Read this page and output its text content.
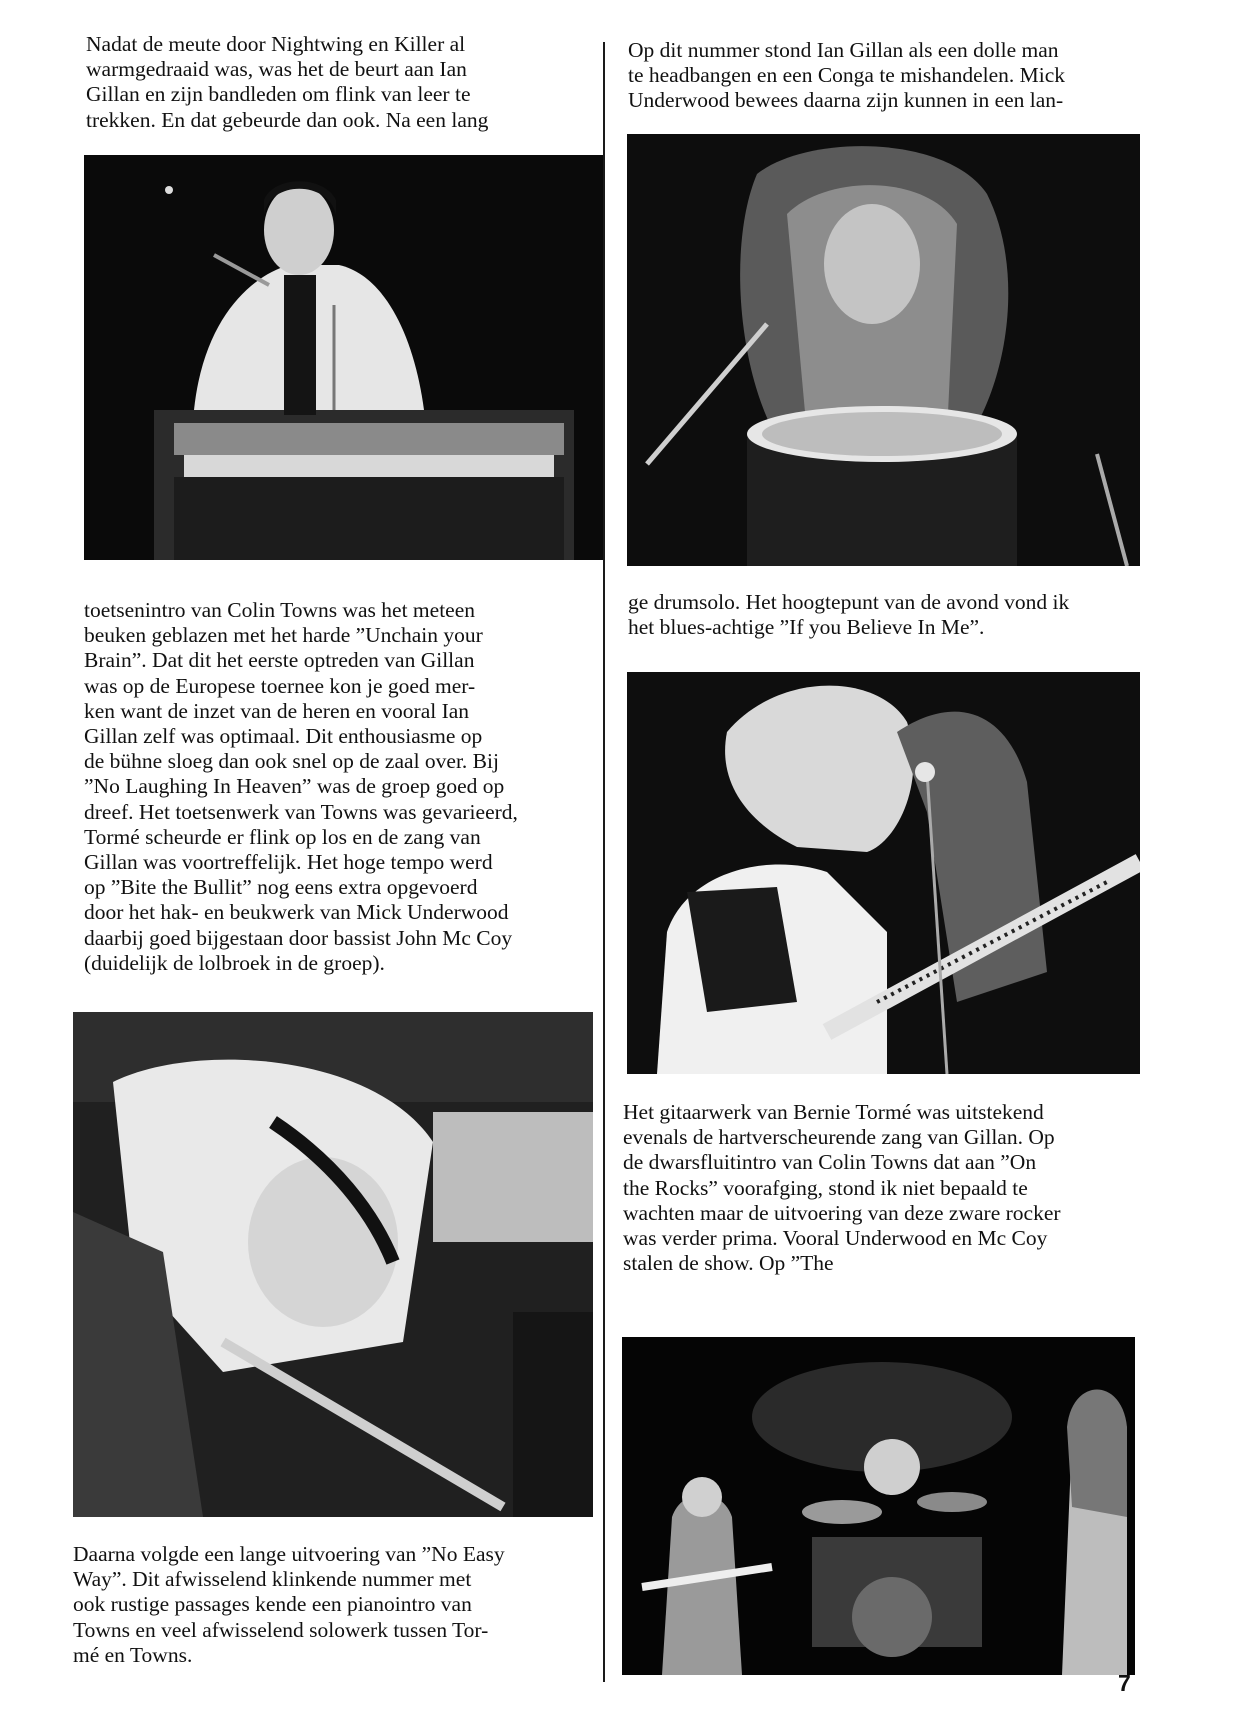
Nadat de meute door Nightwing en Killer al
warmgedraaid was, was het de beurt aan Ian
Gillan en zijn bandleden om flink van leer te
trekken. En dat gebeurde dan ook. Na een lang

toetsenintro van Colin Towns was het meteen
beuken geblazen met het harde ”Unchain your
Brain”. Dat dit het eerste optreden van Gillan
was op de Europese toernee kon je goed mer-
ken want de inzet van de heren en vooral Ian
Gillan zelf was optimaal. Dit enthousiasme op
de bühne sloeg dan ook snel op de zaal over. Bij
”No Laughing In Heaven” was de groep goed op
dreef. Het toetsenwerk van Towns was gevarieerd,
Tormé scheurde er flink op los en de zang van
Gillan was voortreffelijk. Het hoge tempo werd
op ”Bite the Bullit” nog eens extra opgevoerd
door het hak- en beukwerk van Mick Underwood
daarbij goed bijgestaan door bassist John Mc Coy
(duidelijk de lolbroek in de groep).

Daarna volgde een lange uitvoering van ”No Easy
Way”. Dit afwisselend klinkende nummer met
ook rustige passages kende een pianointro van
Towns en veel afwisselend solowerk tussen Tor-
mé en Towns.

Op dit nummer stond Ian Gillan als een dolle man
te headbangen en een Conga te mishandelen. Mick
Underwood bewees daarna zijn kunnen in een lan-

ge drumsolo. Het hoogtepunt van de avond vond ik
het blues-achtige ”If you Believe In Me”.

Het gitaarwerk van Bernie Tormé was uitstekend
evenals de hartverscheurende zang van Gillan. Op
de dwarsfluitintro van Colin Towns dat aan ”On
the Rocks” voorafging, stond ik niet bepaald te
wachten maar de uitvoering van deze zware rocker
was verder prima. Vooral Underwood en Mc Coy
stalen de show. Op ”The

7
